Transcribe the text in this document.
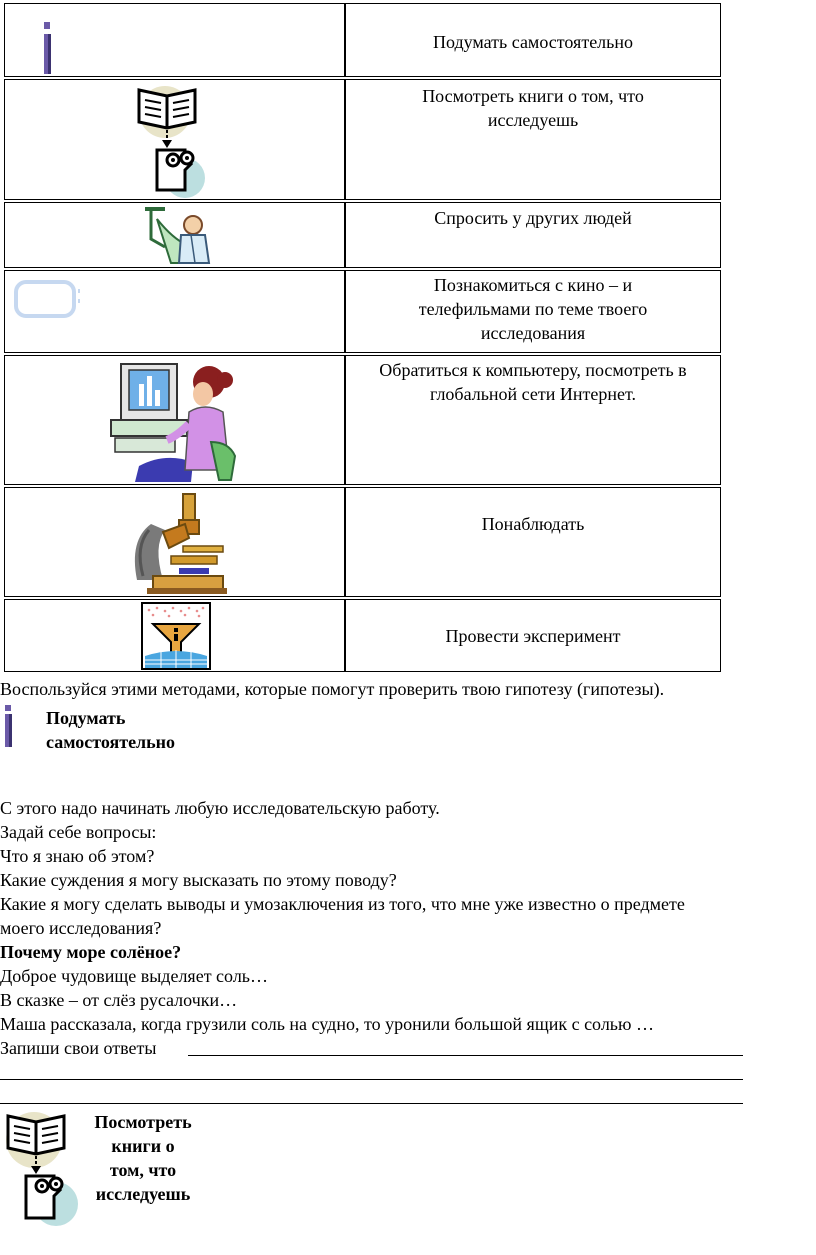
Подумать самостоятельно
Посмотреть книги о том, что исследуешь
Спросить у других людей
Познакомиться с кино – и телефильмами по теме твоего исследования
Обратиться к компьютеру, посмотреть в глобальной сети Интернет.
Понаблюдать
Провести эксперимент
Воспользуйся этими методами, которые помогут проверить твою гипотезу (гипотезы).
Подумать
самостоятельно
С этого надо начинать любую исследовательскую работу.
Задай себе вопросы:
Что я знаю об этом?
Какие суждения я могу высказать по этому поводу?
Какие я могу сделать выводы и умозаключения из того, что мне уже известно о предмете
моего исследования?
Почему море солёное?
Доброе чудовище выделяет соль…
В сказке – от слёз русалочки…
Маша рассказала, когда грузили соль на судно, то уронили большой ящик с солью …
Запиши свои ответы
Посмотреть
книги о
том, что
исследуешь
